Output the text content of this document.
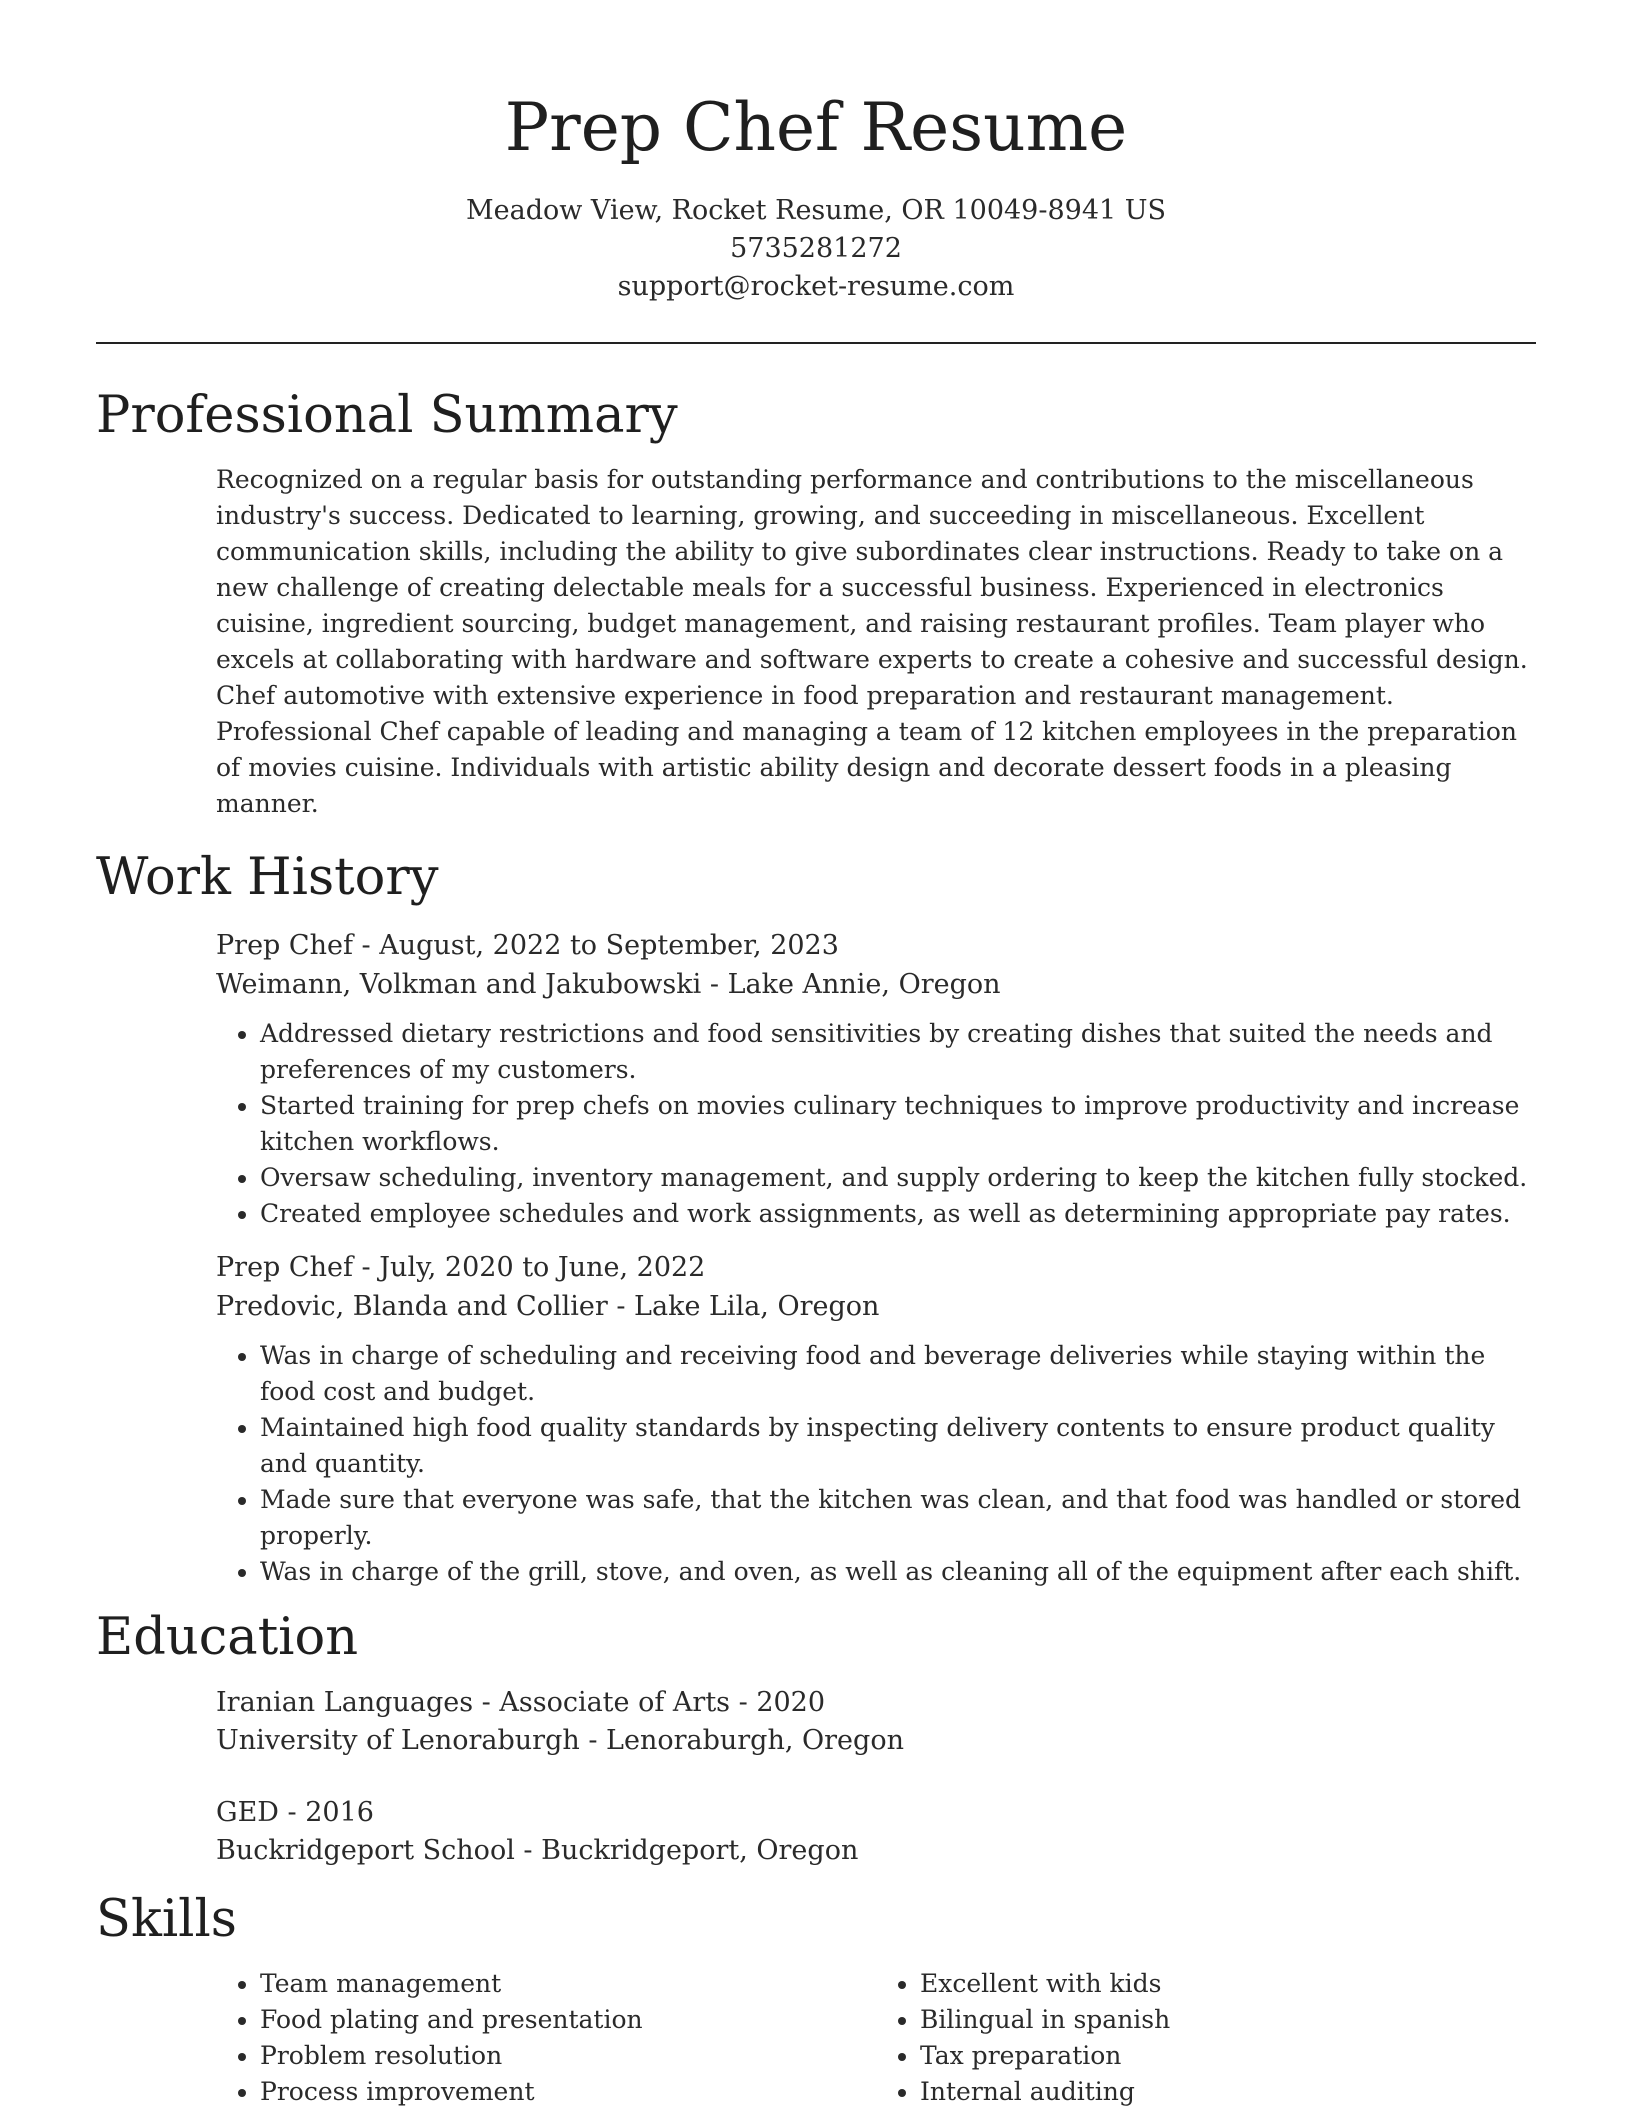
Prep Chef Resume
Meadow View, Rocket Resume, OR 10049-8941 US
5735281272
support@rocket-resume.com
Professional Summary
Recognized on a regular basis for outstanding performance and contributions to the miscellaneous industry's success. Dedicated to learning, growing, and succeeding in miscellaneous. Excellent communication skills, including the ability to give subordinates clear instructions. Ready to take on a new challenge of creating delectable meals for a successful business. Experienced in electronics cuisine, ingredient sourcing, budget management, and raising restaurant profiles. Team player who excels at collaborating with hardware and software experts to create a cohesive and successful design. Chef automotive with extensive experience in food preparation and restaurant management. Professional Chef capable of leading and managing a team of 12 kitchen employees in the preparation of movies cuisine. Individuals with artistic ability design and decorate dessert foods in a pleasing manner.
Work History
Prep Chef - August, 2022 to September, 2023
Weimann, Volkman and Jakubowski - Lake Annie, Oregon
• Addressed dietary restrictions and food sensitivities by creating dishes that suited the needs and preferences of my customers.
• Started training for prep chefs on movies culinary techniques to improve productivity and increase kitchen workflows.
• Oversaw scheduling, inventory management, and supply ordering to keep the kitchen fully stocked.
• Created employee schedules and work assignments, as well as determining appropriate pay rates.
Prep Chef - July, 2020 to June, 2022
Predovic, Blanda and Collier - Lake Lila, Oregon
• Was in charge of scheduling and receiving food and beverage deliveries while staying within the food cost and budget.
• Maintained high food quality standards by inspecting delivery contents to ensure product quality and quantity.
• Made sure that everyone was safe, that the kitchen was clean, and that food was handled or stored properly.
• Was in charge of the grill, stove, and oven, as well as cleaning all of the equipment after each shift.
Education
Iranian Languages - Associate of Arts - 2020
University of Lenoraburgh - Lenoraburgh, Oregon
GED - 2016
Buckridgeport School - Buckridgeport, Oregon
Skills
• Team management
• Food plating and presentation
• Problem resolution
• Process improvement
• Excellent with kids
• Bilingual in spanish
• Tax preparation
• Internal auditing
